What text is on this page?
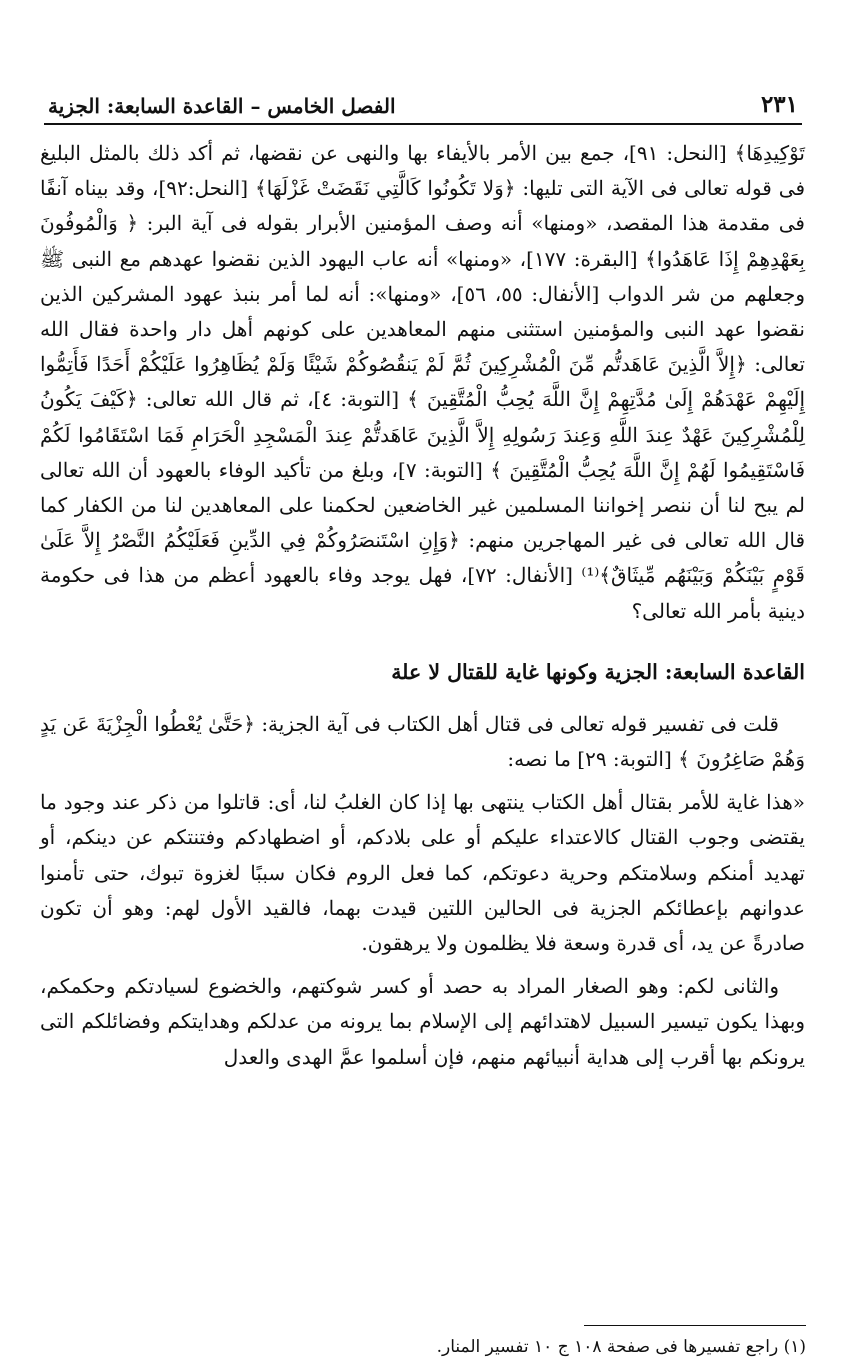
٢٣١
الفصل الخامس – القاعدة السابعة: الجزية

تَوْكِيدِهَا﴾ [النحل: ٩١]، جمع بين الأمر بالأيفاء بها والنهى عن نقضها، ثم أكد ذلك بالمثل البليغ فى قوله تعالى فى الآية التى تليها: ﴿وَلا تَكُونُوا كَالَّتِي نَقَضَتْ غَزْلَهَا﴾ [النحل:٩٢]، وقد بيناه آنفًا فى مقدمة هذا المقصد، «ومنها» أنه وصف المؤمنين الأبرار بقوله فى آية البر: ﴿ وَالْمُوفُونَ بِعَهْدِهِمْ إِذَا عَاهَدُوا﴾ [البقرة: ١٧٧]، «ومنها» أنه عاب اليهود الذين نقضوا عهدهم مع النبى ﷺ وجعلهم من شر الدواب [الأنفال: ٥٥، ٥٦]، «ومنها»: أنه لما أمر بنبذ عهود المشركين الذين نقضوا عهد النبى والمؤمنين استثنى منهم المعاهدين على كونهم أهل دار واحدة فقال الله تعالى: ﴿إِلاَّ الَّذِينَ عَاهَدتُّم مِّنَ الْمُشْرِكِينَ ثُمَّ لَمْ يَنقُصُوكُمْ شَيْئًا وَلَمْ يُظَاهِرُوا عَلَيْكُمْ أَحَدًا فَأَتِمُّوا إِلَيْهِمْ عَهْدَهُمْ إِلَىٰ مُدَّتِهِمْ إِنَّ اللَّهَ يُحِبُّ الْمُتَّقِينَ ﴾ [التوبة: ٤]، ثم قال الله تعالى: ﴿كَيْفَ يَكُونُ لِلْمُشْرِكِينَ عَهْدٌ عِندَ اللَّهِ وَعِندَ رَسُولِهِ إِلاَّ الَّذِينَ عَاهَدتُّمْ عِندَ الْمَسْجِدِ الْحَرَامِ فَمَا اسْتَقَامُوا لَكُمْ فَاسْتَقِيمُوا لَهُمْ إِنَّ اللَّهَ يُحِبُّ الْمُتَّقِينَ ﴾ [التوبة: ٧]، وبلغ من تأكيد الوفاء بالعهود أن الله تعالى لم يبح لنا أن ننصر إخواننا المسلمين غير الخاضعين لحكمنا على المعاهدين لنا من الكفار كما قال الله تعالى فى غير المهاجرين منهم: ﴿وَإِنِ اسْتَنصَرُوكُمْ فِي الدِّينِ فَعَلَيْكُمُ النَّصْرُ إِلاَّ عَلَىٰ قَوْمٍ بَيْنَكُمْ وَبَيْنَهُم مِّيثَاقٌ﴾⁽¹⁾ [الأنفال: ٧٢]، فهل يوجد وفاء بالعهود أعظم من هذا فى حكومة دينية بأمر الله تعالى؟

القاعدة السابعة: الجزية وكونها غاية للقتال لا علة

قلت فى تفسير قوله تعالى فى قتال أهل الكتاب فى آية الجزية: ﴿حَتَّىٰ يُعْطُوا الْجِزْيَةَ عَن يَدٍ وَهُمْ صَاغِرُونَ ﴾ [التوبة: ٢٩] ما نصه:

«هذا غاية للأمر بقتال أهل الكتاب ينتهى بها إذا كان الغلبُ لنا، أى: قاتلوا من ذكر عند وجود ما يقتضى وجوب القتال كالاعتداء عليكم أو على بلادكم، أو اضطهادكم وفتنتكم عن دينكم، أو تهديد أمنكم وسلامتكم وحرية دعوتكم، كما فعل الروم فكان سببًا لغزوة تبوك، حتى تأمنوا عدوانهم بإعطائكم الجزية فى الحالين اللتين قيدت بهما، فالقيد الأول لهم: وهو أن تكون صادرةً عن يد، أى قدرة وسعة فلا يظلمون ولا يرهقون.

والثانى لكم: وهو الصغار المراد به حصد أو كسر شوكتهم، والخضوع لسيادتكم وحكمكم، وبهذا يكون تيسير السبيل لاهتدائهم إلى الإسلام بما يرونه من عدلكم وهدايتكم وفضائلكم التى يرونكم بها أقرب إلى هداية أنبيائهم منهم، فإن أسلموا عمَّ الهدى والعدل

(١) راجع تفسيرها فى صفحة ١٠٨ ج ١٠ تفسير المنار.
